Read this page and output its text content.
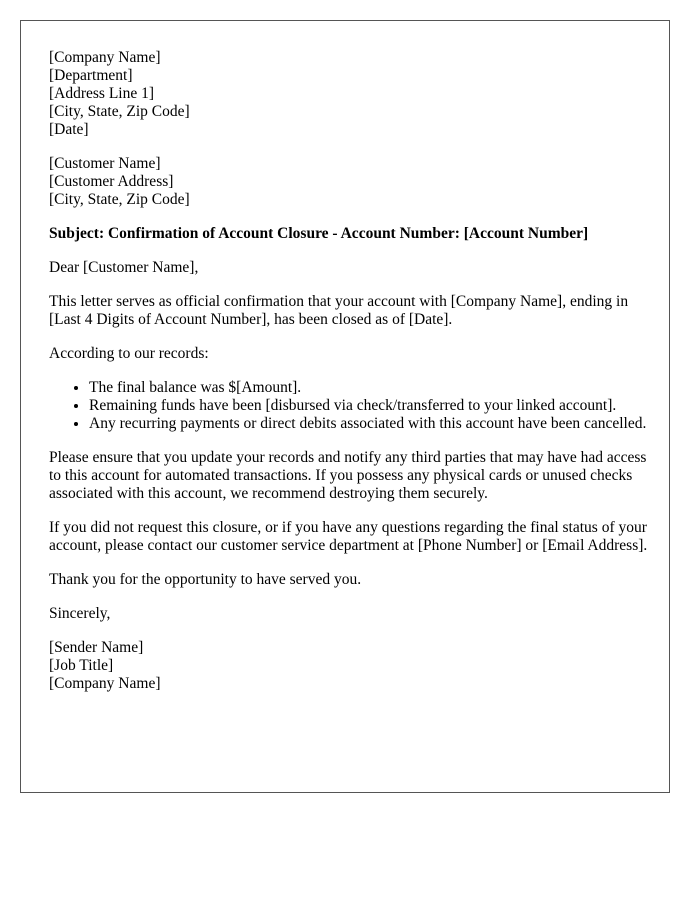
[Company Name]
[Department]
[Address Line 1]
[City, State, Zip Code]
[Date]
[Customer Name]
[Customer Address]
[City, State, Zip Code]

Subject: Confirmation of Account Closure - Account Number: [Account Number]

Dear [Customer Name],

This letter serves as official confirmation that your account with [Company Name], ending in [Last 4 Digits of Account Number], has been closed as of [Date].

According to our records:

• The final balance was $[Amount].
• Remaining funds have been [disbursed via check/transferred to your linked account].
• Any recurring payments or direct debits associated with this account have been cancelled.

Please ensure that you update your records and notify any third parties that may have had access to this account for automated transactions. If you possess any physical cards or unused checks associated with this account, we recommend destroying them securely.

If you did not request this closure, or if you have any questions regarding the final status of your account, please contact our customer service department at [Phone Number] or [Email Address].

Thank you for the opportunity to have served you.

Sincerely,

[Sender Name]
[Job Title]
[Company Name]
